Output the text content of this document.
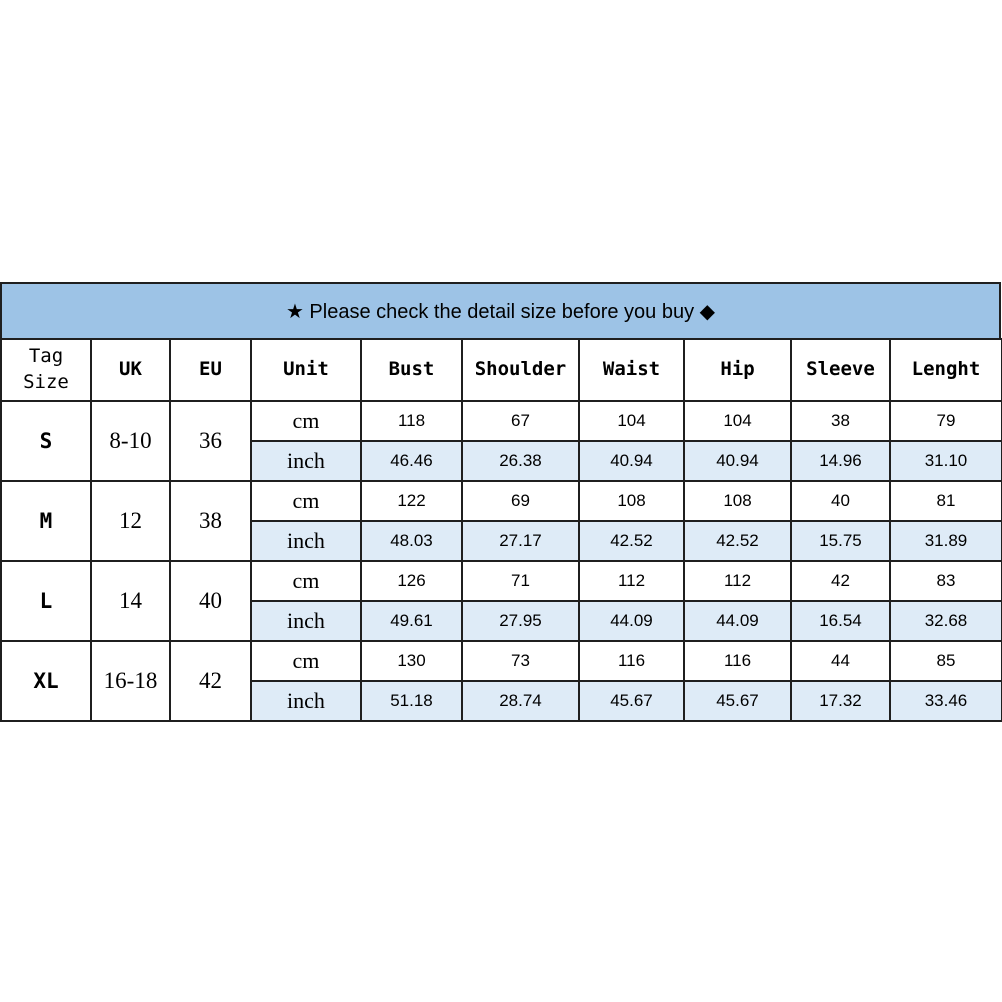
★ Please check the detail size before you buy ◆
Tag
Size	UK	EU	Unit	Bust	Shoulder	Waist	Hip	Sleeve	Lenght
S	8-10	36	cm	118	67	104	104	38	79
			inch	46.46	26.38	40.94	40.94	14.96	31.10
M	12	38	cm	122	69	108	108	40	81
			inch	48.03	27.17	42.52	42.52	15.75	31.89
L	14	40	cm	126	71	112	112	42	83
			inch	49.61	27.95	44.09	44.09	16.54	32.68
XL	16-18	42	cm	130	73	116	116	44	85
			inch	51.18	28.74	45.67	45.67	17.32	33.46
